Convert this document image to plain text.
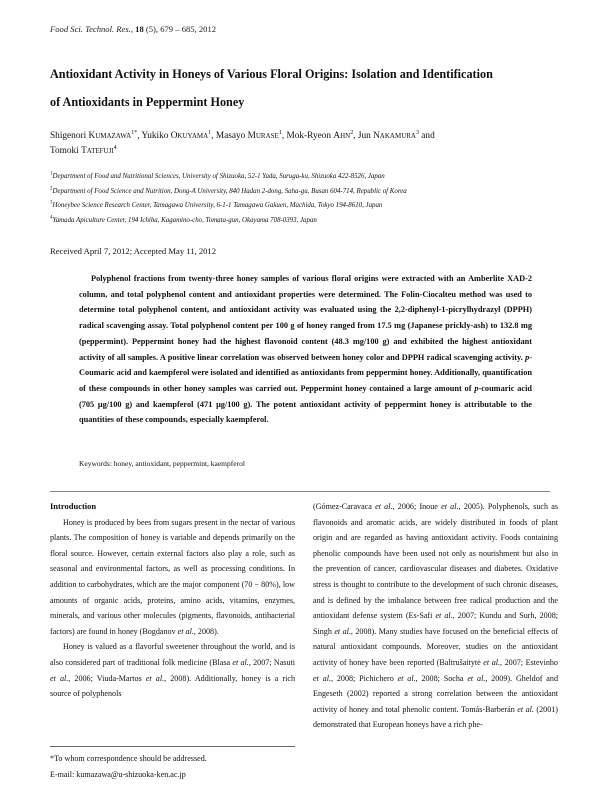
Food Sci. Technol. Res., 18 (5), 679 – 685, 2012
Antioxidant Activity in Honeys of Various Floral Origins: Isolation and Identification
of Antioxidants in Peppermint Honey
Shigenori Kumazawa$^{1*}$, Yukiko Okuyama$^1$, Masayo Murase$^1$, Mok-Ryeon Ahn$^2$, Jun Nakamura$^3$ and
Tomoki Tatefuji$^4$
$^1$Department of Food and Nutritional Sciences, University of Shizuoka, 52-1 Yada, Suruga-ku, Shizuoka 422-8526, Japan
$^2$Department of Food Science and Nutrition, Dong-A University, 840 Hadan 2-dong, Saha-gu, Busan 604-714, Republic of Korea
$^3$Honeybee Science Research Center, Tamagawa University, 6-1-1 Tamagawa Gakuen, Machida, Tokyo 194-8610, Japan
$^4$Yamada Apiculture Center, 194 Ichiba, Kagamino-cho, Tomata-gun, Okayama 708-0393, Japan
Received April 7, 2012; Accepted May 11, 2012
Polyphenol fractions from twenty-three honey samples of various floral origins were extracted with an Amberlite XAD-2 column, and total polyphenol content and antioxidant properties were determined. The Folin-Ciocalteu method was used to determine total polyphenol content, and antioxidant activity was evaluated using the 2,2-diphenyl-1-picrylhydrazyl (DPPH) radical scavenging assay. Total polyphenol content per 100 g of honey ranged from 17.5 mg (Japanese prickly-ash) to 132.8 mg (peppermint). Peppermint honey had the highest flavonoid content (48.3 mg/100 g) and exhibited the highest antioxidant activity of all samples. A positive linear correlation was observed between honey color and DPPH radical scavenging activity. p-Coumaric acid and kaempferol were isolated and identified as antioxidants from peppermint honey. Additionally, quantification of these compounds in other honey samples was carried out. Peppermint honey contained a large amount of p-coumaric acid (705 μg/100 g) and kaempferol (471 μg/100 g). The potent antioxidant activity of peppermint honey is attributable to the quantities of these compounds, especially kaempferol.
Keywords: honey, antioxidant, peppermint, kaempferol
Introduction

Honey is produced by bees from sugars present in the nectar of various plants. The composition of honey is variable and depends primarily on the floral source. However, certain external factors also play a role, such as seasonal and environmental factors, as well as processing conditions. In addition to carbohydrates, which are the major component (70 − 80%), low amounts of organic acids, proteins, amino acids, vitamins, enzymes, minerals, and various other molecules (pigments, flavonoids, antibacterial factors) are found in honey (Bogdanov et al., 2008).

Honey is valued as a flavorful sweetener throughout the world, and is also considered part of traditional folk medicine (Blasa et al., 2007; Nasuti et al., 2006; Viuda-Martos et al., 2008). Additionally, honey is a rich source of polyphenols

(Gómez-Caravaca et al., 2006; Inoue et al., 2005). Polyphenols, such as flavonoids and aromatic acids, are widely distributed in foods of plant origin and are regarded as having antioxidant activity. Foods containing phenolic compounds have been used not only as nourishment but also in the prevention of cancer, cardiovascular diseases and diabetes. Oxidative stress is thought to contribute to the development of such chronic diseases, and is defined by the imbalance between free radical production and the antioxidant defense system (Es-Safi et al., 2007; Kundu and Surh, 2008; Singh et al., 2008). Many studies have focused on the beneficial effects of natural antioxidant compounds. Moreover, studies on the antioxidant activity of honey have been reported (Baltrušaitytė et al., 2007; Estevinho et al., 2008; Pichichero et al., 2008; Socha et al., 2009). Gheldof and Engeseth (2002) reported a strong correlation between the antioxidant activity of honey and total phenolic content. Tomás-Barberán et al. (2001) demonstrated that European honeys have a rich phe-

*To whom correspondence should be addressed.
E-mail: kumazawa@u-shizuoka-ken.ac.jp
